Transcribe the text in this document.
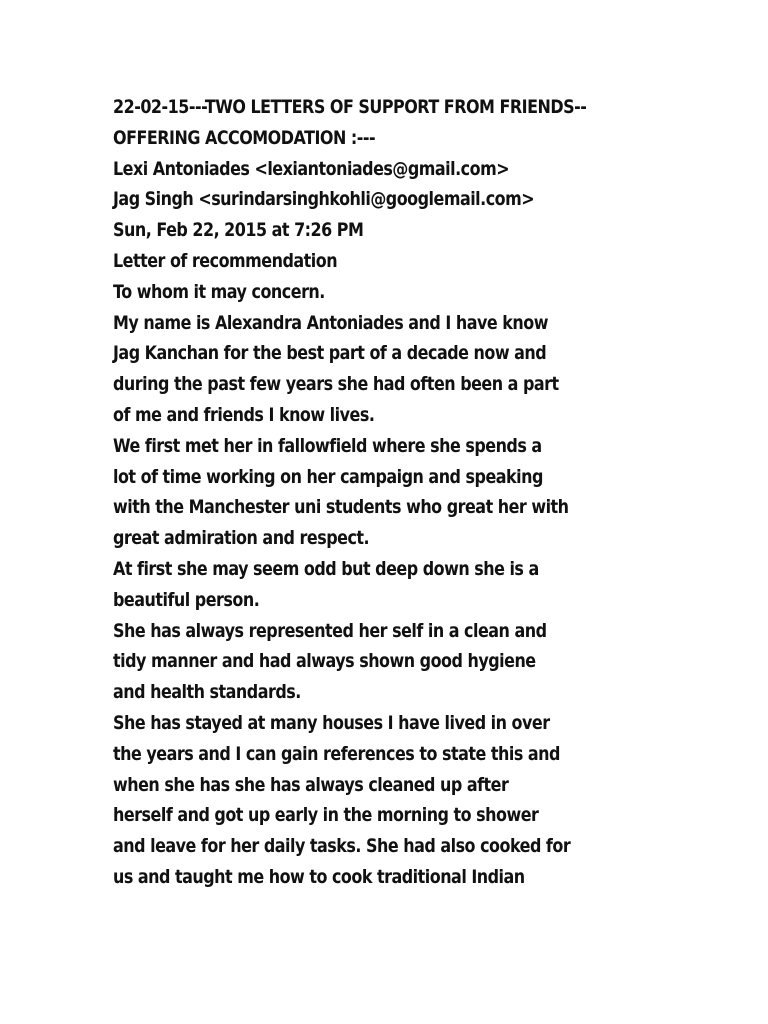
22-02-15---TWO LETTERS OF SUPPORT FROM FRIENDS--
OFFERING ACCOMODATION :---
Lexi Antoniades <lexiantoniades@gmail.com>
Jag Singh <surindarsinghkohli@googlemail.com>
Sun, Feb 22, 2015 at 7:26 PM
Letter of recommendation
To whom it may concern.
My name is Alexandra Antoniades and I have know
Jag Kanchan for the best part of a decade now and
during the past few years she had often been a part
of me and friends I know lives.
We first met her in fallowfield where she spends a
lot of time working on her campaign and speaking
with the Manchester uni students who great her with
great admiration and respect.
At first she may seem odd but deep down she is a
beautiful person.
She has always represented her self in a clean and
tidy manner and had always shown good hygiene
and health standards.
She has stayed at many houses I have lived in over
the years and I can gain references to state this and
when she has she has always cleaned up after
herself and got up early in the morning to shower
and leave for her daily tasks. She had also cooked for
us and taught me how to cook traditional Indian
